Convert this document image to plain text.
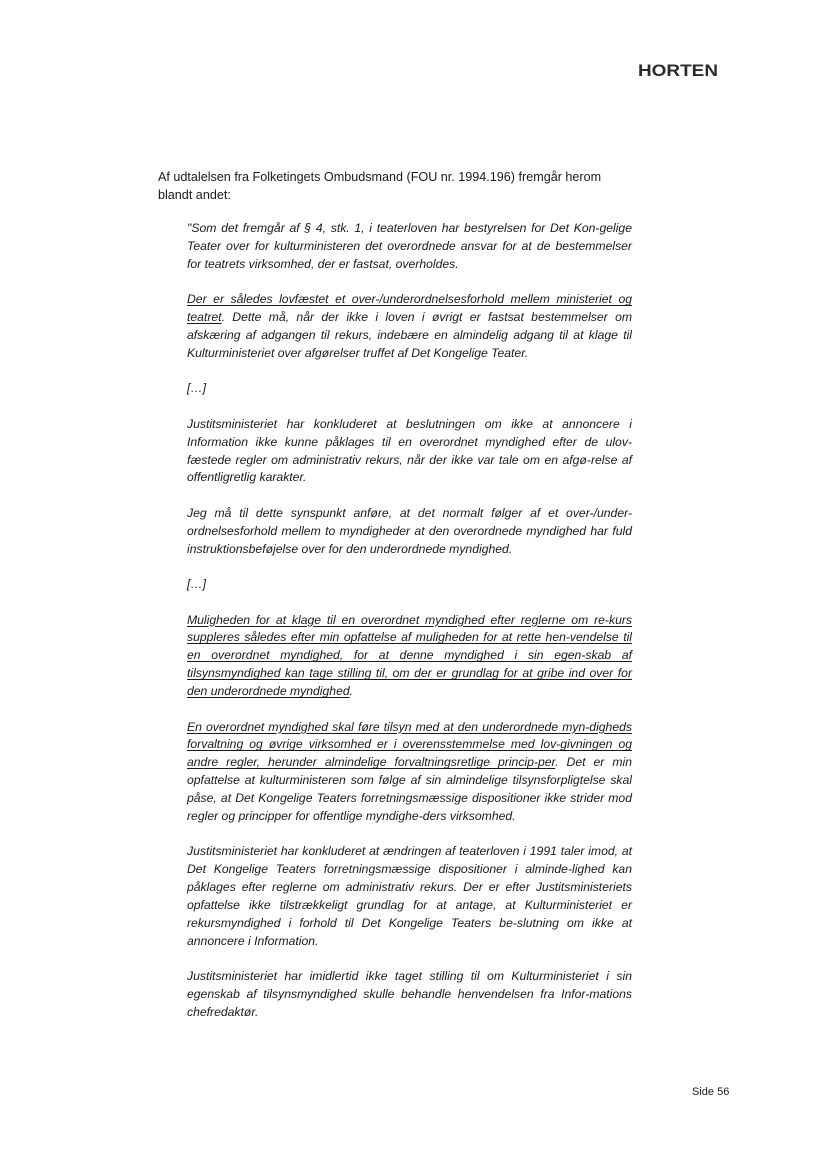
HORTEN

Af udtalelsen fra Folketingets Ombudsmand (FOU nr. 1994.196) fremgår herom blandt andet:

"Som det fremgår af § 4, stk. 1, i teaterloven har bestyrelsen for Det Kon-gelige Teater over for kulturministeren det overordnede ansvar for at de bestemmelser for teatrets virksomhed, der er fastsat, overholdes.

Der er således lovfæstet et over-/underordnelsesforhold mellem ministeriet og teatret. Dette må, når der ikke i loven i øvrigt er fastsat bestemmelser om afskæring af adgangen til rekurs, indebære en almindelig adgang til at klage til Kulturministeriet over afgørelser truffet af Det Kongelige Teater.

[…]

Justitsministeriet har konkluderet at beslutningen om ikke at annoncere i Information ikke kunne påklages til en overordnet myndighed efter de ulov-fæstede regler om administrativ rekurs, når der ikke var tale om en afgø-relse af offentligretlig karakter.

Jeg må til dette synspunkt anføre, at det normalt følger af et over-/under-ordnelsesforhold mellem to myndigheder at den overordnede myndighed har fuld instruktionsbeføjelse over for den underordnede myndighed.

[…]

Muligheden for at klage til en overordnet myndighed efter reglerne om re-kurs suppleres således efter min opfattelse af muligheden for at rette hen-vendelse til en overordnet myndighed, for at denne myndighed i sin egen-skab af tilsynsmyndighed kan tage stilling til, om der er grundlag for at gribe ind over for den underordnede myndighed.

En overordnet myndighed skal føre tilsyn med at den underordnede myn-digheds forvaltning og øvrige virksomhed er i overensstemmelse med lov-givningen og andre regler, herunder almindelige forvaltningsretlige princip-per. Det er min opfattelse at kulturministeren som følge af sin almindelige tilsynsforpligtelse skal påse, at Det Kongelige Teaters forretningsmæssige dispositioner ikke strider mod regler og principper for offentlige myndighe-ders virksomhed.

Justitsministeriet har konkluderet at ændringen af teaterloven i 1991 taler imod, at Det Kongelige Teaters forretningsmæssige dispositioner i alminde-lighed kan påklages efter reglerne om administrativ rekurs. Der er efter Justitsministeriets opfattelse ikke tilstrækkeligt grundlag for at antage, at Kulturministeriet er rekursmyndighed i forhold til Det Kongelige Teaters be-slutning om ikke at annoncere i Information.

Justitsministeriet har imidlertid ikke taget stilling til om Kulturministeriet i sin egenskab af tilsynsmyndighed skulle behandle henvendelsen fra Infor-mations chefredaktør.

Side 56
